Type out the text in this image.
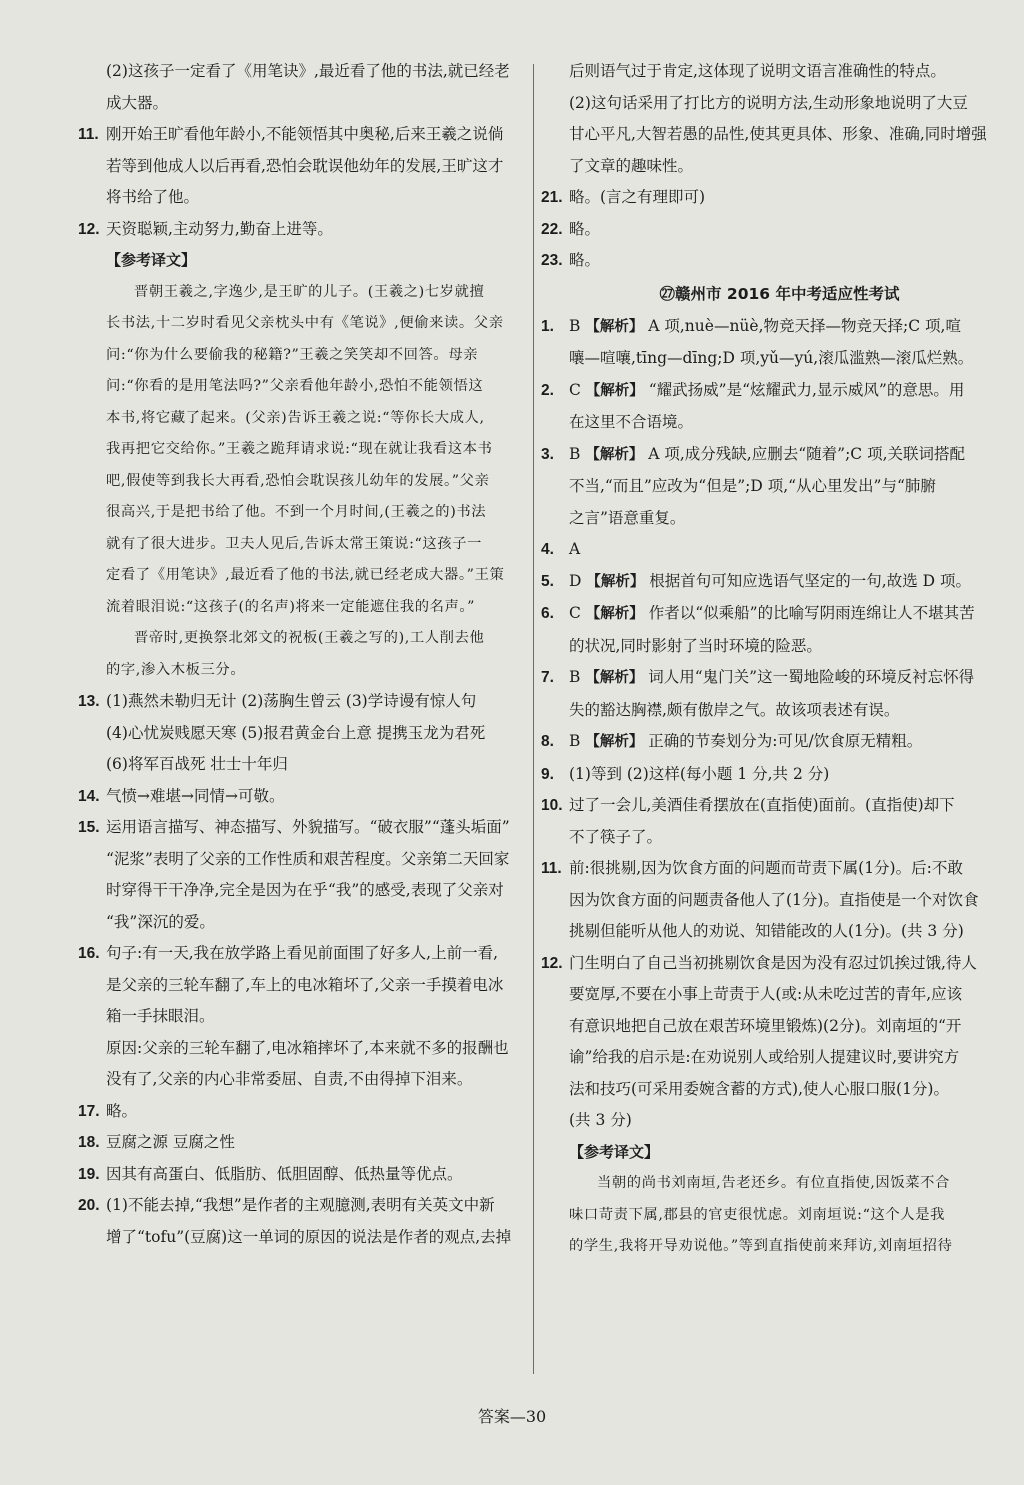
(2)这孩子一定看了《用笔诀》,最近看了他的书法,就已经老
成大器。
11. 刚开始王旷看他年龄小,不能领悟其中奥秘,后来王羲之说倘
若等到他成人以后再看,恐怕会耽误他幼年的发展,王旷这才
将书给了他。
12. 天资聪颖,主动努力,勤奋上进等。
【参考译文】
晋朝王羲之,字逸少,是王旷的儿子。(王羲之)七岁就擅
长书法,十二岁时看见父亲枕头中有《笔说》,便偷来读。父亲
问:“你为什么要偷我的秘籍?”王羲之笑笑却不回答。母亲
问:“你看的是用笔法吗?”父亲看他年龄小,恐怕不能领悟这
本书,将它藏了起来。(父亲)告诉王羲之说:“等你长大成人,
我再把它交给你。”王羲之跪拜请求说:“现在就让我看这本书
吧,假使等到我长大再看,恐怕会耽误孩儿幼年的发展。”父亲
很高兴,于是把书给了他。不到一个月时间,(王羲之的)书法
就有了很大进步。卫夫人见后,告诉太常王策说:“这孩子一
定看了《用笔诀》,最近看了他的书法,就已经老成大器。”王策
流着眼泪说:“这孩子(的名声)将来一定能遮住我的名声。”
晋帝时,更换祭北郊文的祝板(王羲之写的),工人削去他
的字,渗入木板三分。
13. (1)燕然未勒归无计 (2)荡胸生曾云 (3)学诗谩有惊人句
(4)心忧炭贱愿天寒 (5)报君黄金台上意 提携玉龙为君死
(6)将军百战死 壮士十年归
14. 气愤→难堪→同情→可敬。
15. 运用语言描写、神态描写、外貌描写。“破衣服”“蓬头垢面”
“泥浆”表明了父亲的工作性质和艰苦程度。父亲第二天回家
时穿得干干净净,完全是因为在乎“我”的感受,表现了父亲对
“我”深沉的爱。
16. 句子:有一天,我在放学路上看见前面围了好多人,上前一看,
是父亲的三轮车翻了,车上的电冰箱坏了,父亲一手摸着电冰
箱一手抹眼泪。
原因:父亲的三轮车翻了,电冰箱摔坏了,本来就不多的报酬也
没有了,父亲的内心非常委屈、自责,不由得掉下泪来。
17. 略。
18. 豆腐之源 豆腐之性
19. 因其有高蛋白、低脂肪、低胆固醇、低热量等优点。
20. (1)不能去掉,“我想”是作者的主观臆测,表明有关英文中新
增了“tofu”(豆腐)这一单词的原因的说法是作者的观点,去掉
后则语气过于肯定,这体现了说明文语言准确性的特点。
(2)这句话采用了打比方的说明方法,生动形象地说明了大豆
甘心平凡,大智若愚的品性,使其更具体、形象、准确,同时增强
了文章的趣味性。
21. 略。(言之有理即可)
22. 略。
23. 略。
㉗赣州市 2016 年中考适应性考试
1. B 【解析】 A 项,nuè—nüè,物竞天择—物竞天择;C 项,喧
嚷—喧嚷,tīng—dīng;D 项,yǔ—yú,滚瓜滥熟—滚瓜烂熟。
2. C 【解析】 “耀武扬威”是“炫耀武力,显示威风”的意思。用
在这里不合语境。
3. B 【解析】 A 项,成分残缺,应删去“随着”;C 项,关联词搭配
不当,“而且”应改为“但是”;D 项,“从心里发出”与“肺腑
之言”语意重复。
4. A
5. D 【解析】 根据首句可知应选语气坚定的一句,故选 D 项。
6. C 【解析】 作者以“似乘船”的比喻写阴雨连绵让人不堪其苦
的状况,同时影射了当时环境的险恶。
7. B 【解析】 词人用“鬼门关”这一蜀地险峻的环境反衬忘怀得
失的豁达胸襟,颇有傲岸之气。故该项表述有误。
8. B 【解析】 正确的节奏划分为:可见/饮食原无精粗。
9. (1)等到 (2)这样(每小题 1 分,共 2 分)
10. 过了一会儿,美酒佳肴摆放在(直指使)面前。(直指使)却下
不了筷子了。
11. 前:很挑剔,因为饮食方面的问题而苛责下属(1分)。后:不敢
因为饮食方面的问题责备他人了(1分)。直指使是一个对饮食
挑剔但能听从他人的劝说、知错能改的人(1分)。(共 3 分)
12. 门生明白了自己当初挑剔饮食是因为没有忍过饥挨过饿,待人
要宽厚,不要在小事上苛责于人(或:从未吃过苦的青年,应该
有意识地把自己放在艰苦环境里锻炼)(2分)。刘南垣的“开
谕”给我的启示是:在劝说别人或给别人提建议时,要讲究方
法和技巧(可采用委婉含蓄的方式),使人心服口服(1分)。
(共 3 分)
【参考译文】
当朝的尚书刘南垣,告老还乡。有位直指使,因饭菜不合
味口苛责下属,郡县的官吏很忧虑。刘南垣说:“这个人是我
的学生,我将开导劝说他。”等到直指使前来拜访,刘南垣招待
答案—30
